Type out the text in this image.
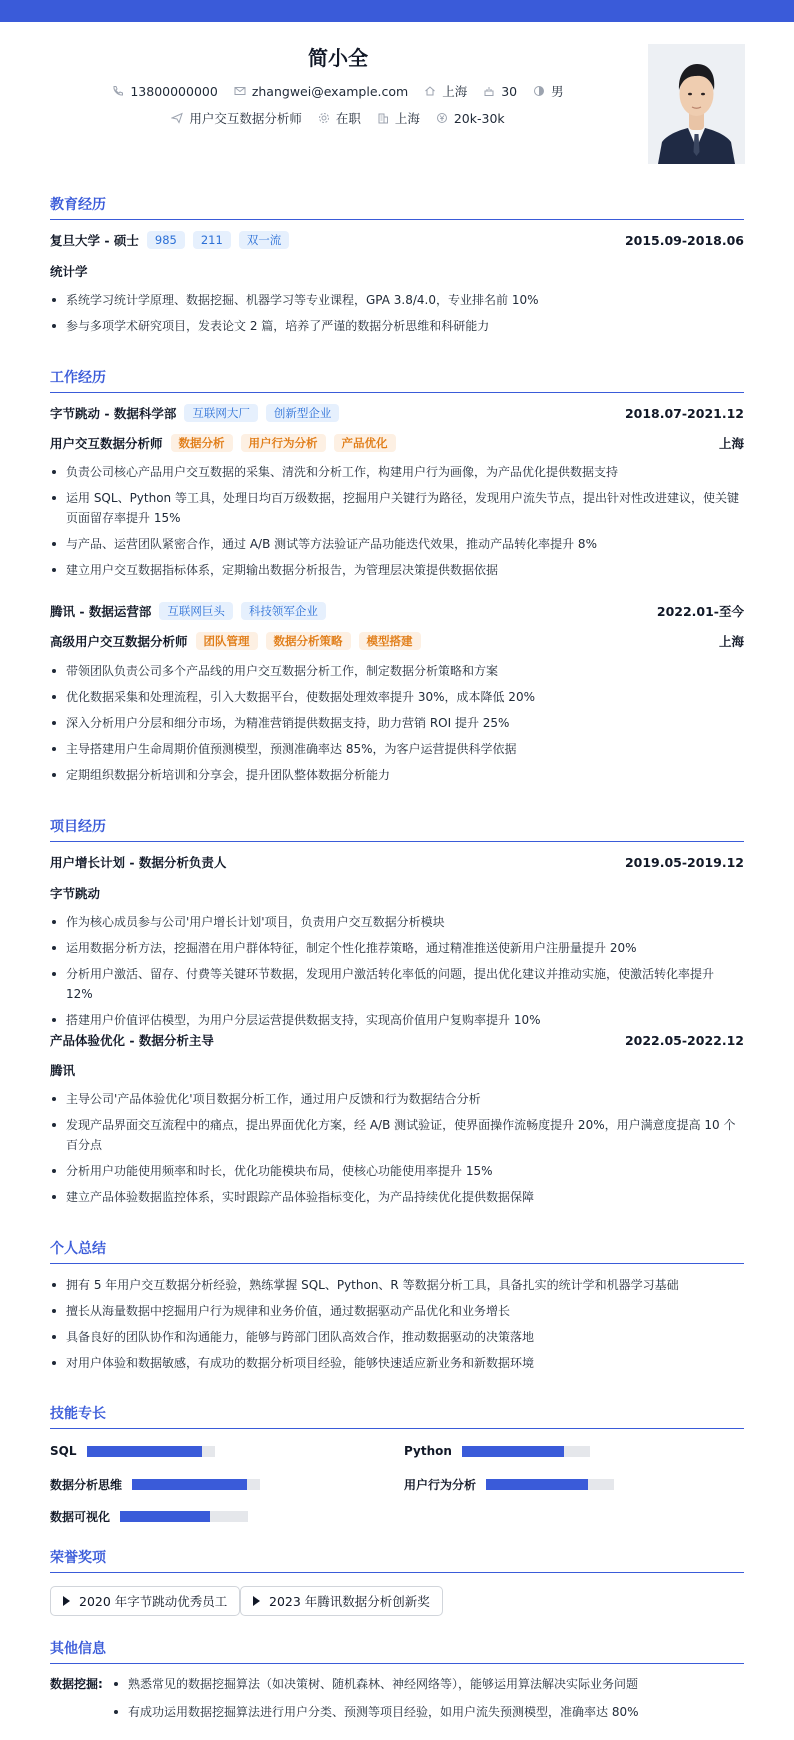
简小全
13800000000	zhangwei@example.com	上海	30	男
用户交互数据分析师	在职	上海	20k-30k
教育经历
复旦大学 - 硕士	985	211	双一流	2015.09-2018.06
统计学
系统学习统计学原理、数据挖掘、机器学习等专业课程，GPA 3.8/4.0，专业排名前 10%
参与多项学术研究项目，发表论文 2 篇，培养了严谨的数据分析思维和科研能力
工作经历
字节跳动 - 数据科学部	互联网大厂	创新型企业	2018.07-2021.12
用户交互数据分析师	数据分析	用户行为分析	产品优化	上海
负责公司核心产品用户交互数据的采集、清洗和分析工作，构建用户行为画像，为产品优化提供数据支持
运用 SQL、Python 等工具，处理日均百万级数据，挖掘用户关键行为路径，发现用户流失节点，提出针对性改进建议，使关键页面留存率提升 15%
与产品、运营团队紧密合作，通过 A/B 测试等方法验证产品功能迭代效果，推动产品转化率提升 8%
建立用户交互数据指标体系，定期输出数据分析报告，为管理层决策提供数据依据
腾讯 - 数据运营部	互联网巨头	科技领军企业	2022.01-至今
高级用户交互数据分析师	团队管理	数据分析策略	模型搭建	上海
带领团队负责公司多个产品线的用户交互数据分析工作，制定数据分析策略和方案
优化数据采集和处理流程，引入大数据平台，使数据处理效率提升 30%，成本降低 20%
深入分析用户分层和细分市场，为精准营销提供数据支持，助力营销 ROI 提升 25%
主导搭建用户生命周期价值预测模型，预测准确率达 85%，为客户运营提供科学依据
定期组织数据分析培训和分享会，提升团队整体数据分析能力
项目经历
用户增长计划 - 数据分析负责人	2019.05-2019.12
字节跳动
作为核心成员参与公司'用户增长计划'项目，负责用户交互数据分析模块
运用数据分析方法，挖掘潜在用户群体特征，制定个性化推荐策略，通过精准推送使新用户注册量提升 20%
分析用户激活、留存、付费等关键环节数据，发现用户激活转化率低的问题，提出优化建议并推动实施，使激活转化率提升 12%
搭建用户价值评估模型，为用户分层运营提供数据支持，实现高价值用户复购率提升 10%
产品体验优化 - 数据分析主导	2022.05-2022.12
腾讯
主导公司'产品体验优化'项目数据分析工作，通过用户反馈和行为数据结合分析
发现产品界面交互流程中的痛点，提出界面优化方案，经 A/B 测试验证，使界面操作流畅度提升 20%，用户满意度提高 10 个百分点
分析用户功能使用频率和时长，优化功能模块布局，使核心功能使用率提升 15%
建立产品体验数据监控体系，实时跟踪产品体验指标变化，为产品持续优化提供数据保障
个人总结
拥有 5 年用户交互数据分析经验，熟练掌握 SQL、Python、R 等数据分析工具，具备扎实的统计学和机器学习基础
擅长从海量数据中挖掘用户行为规律和业务价值，通过数据驱动产品优化和业务增长
具备良好的团队协作和沟通能力，能够与跨部门团队高效合作，推动数据驱动的决策落地
对用户体验和数据敏感，有成功的数据分析项目经验，能够快速适应新业务和新数据环境
技能专长
SQL	Python
数据分析思维	用户行为分析
数据可视化
荣誉奖项
2020 年字节跳动优秀员工	2023 年腾讯数据分析创新奖
其他信息
数据挖掘:	熟悉常见的数据挖掘算法（如决策树、随机森林、神经网络等），能够运用算法解决实际业务问题
有成功运用数据挖掘算法进行用户分类、预测等项目经验，如用户流失预测模型，准确率达 80%
